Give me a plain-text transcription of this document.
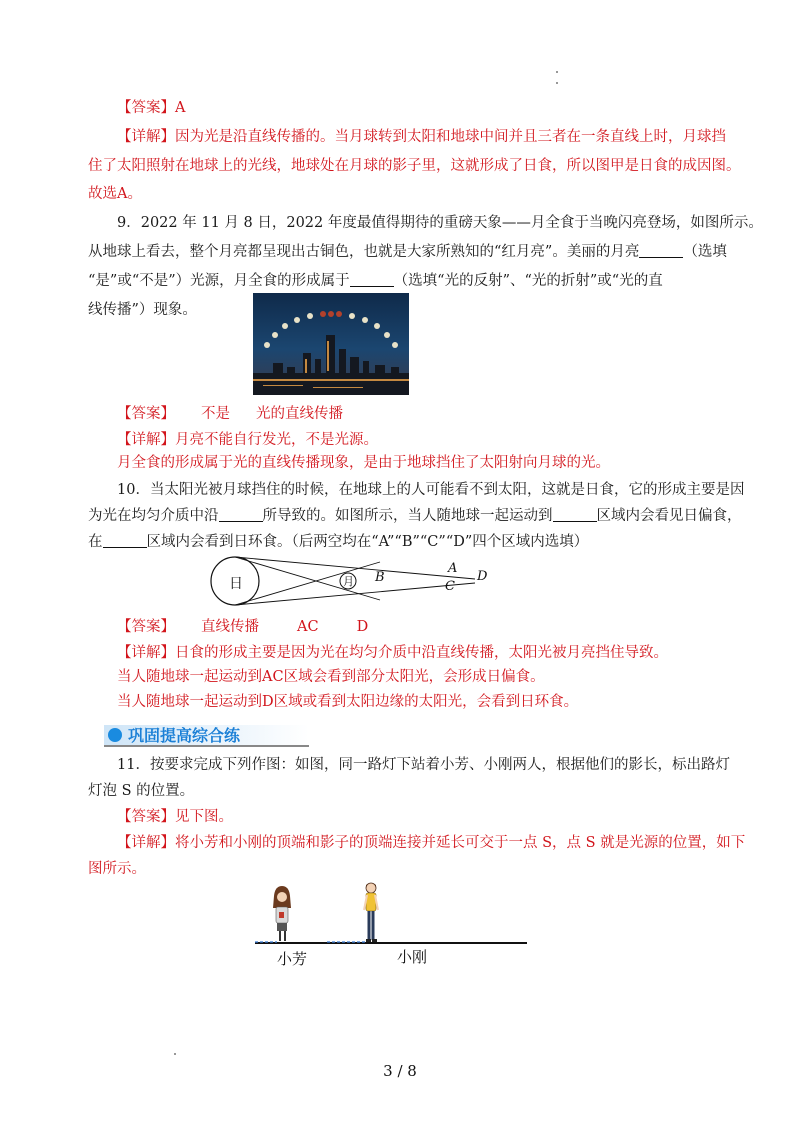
【答案】A
【详解】因为光是沿直线传播的。当月球转到太阳和地球中间并且三者在一条直线上时，月球挡
住了太阳照射在地球上的光线，地球处在月球的影子里，这就形成了日食，所以图甲是日食的成因图。
故选A。
9．2022 年 11 月 8 日，2022 年度最值得期待的重磅天象——月全食于当晚闪亮登场，如图所示。
从地球上看去，整个月亮都呈现出古铜色，也就是大家所熟知的“红月亮”。美丽的月亮	（选填
“是”或“不是”）光源，月全食的形成属于	（选填“光的反射”、“光的折射”或“光的直
线传播”）现象。
【答案】 不是 光的直线传播
【详解】月亮不能自行发光，不是光源。
月全食的形成属于光的直线传播现象，是由于地球挡住了太阳射向月球的光。
10．当太阳光被月球挡住的时候，在地球上的人可能看不到太阳，这就是日食，它的形成主要是因
为光在均匀介质中沿	所导致的。如图所示，当人随地球一起运动到	区域内会看见日偏食，
在	区域内会看到日环食。（后两空均在“A”“B”“C”“D”四个区域内选填）
日	月
A
B
C
D
【答案】 直线传播	AC	D
【详解】日食的形成主要是因为光在均匀介质中沿直线传播，太阳光被月亮挡住导致。
当人随地球一起运动到AC区域会看到部分太阳光，会形成日偏食。
当人随地球一起运动到D区域或看到太阳边缘的太阳光，会看到日环食。
巩固提高综合练
11．按要求完成下列作图：如图，同一路灯下站着小芳、小刚两人，根据他们的影长，标出路灯
灯泡 S 的位置。
【答案】见下图。
【详解】将小芳和小刚的顶端和影子的顶端连接并延长可交于一点 S，点 S 就是光源的位置，如下
图所示。
小芳	小刚
3 / 8
